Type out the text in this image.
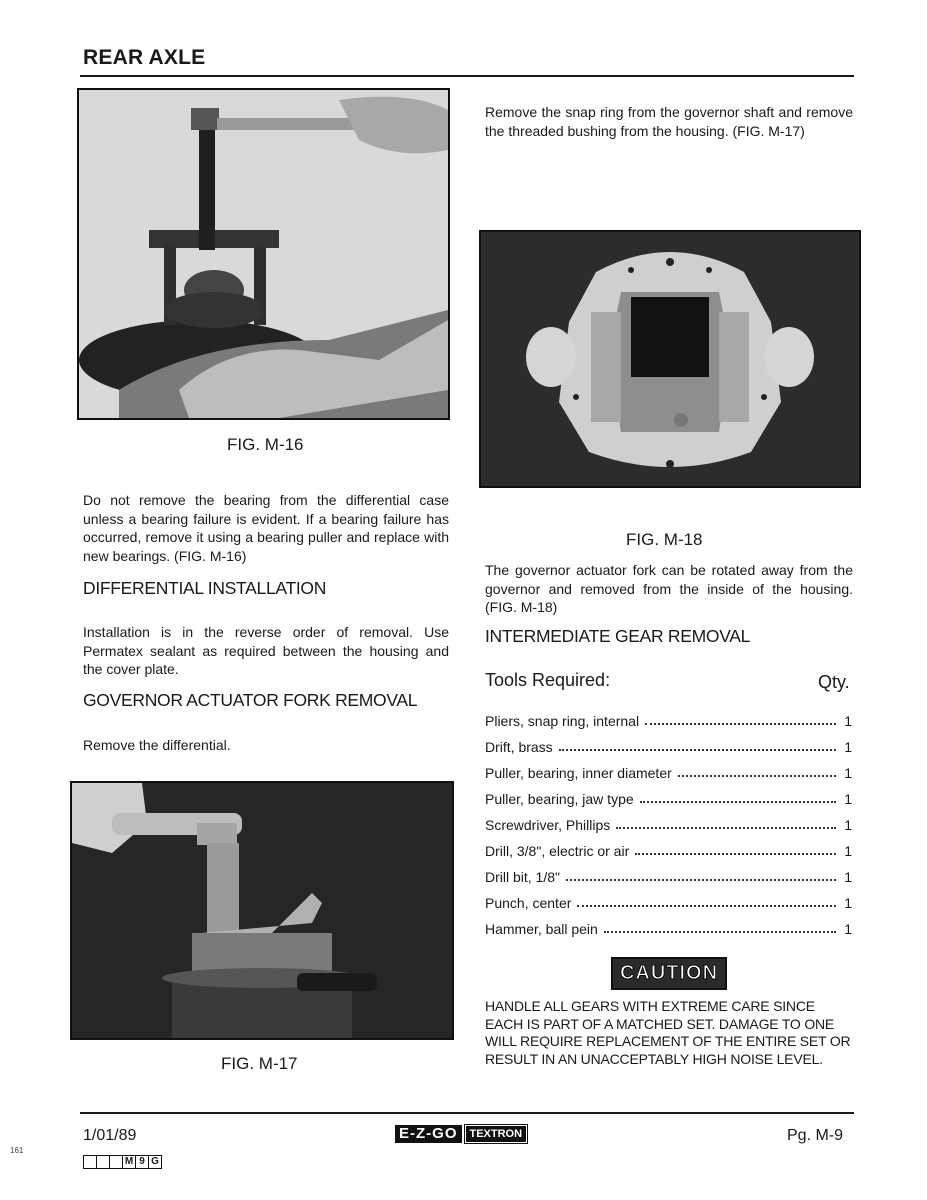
REAR AXLE
FIG. M-16
Do not remove the bearing from the differential case unless a bearing failure is evident. If a bearing failure has occurred, remove it using a bearing puller and replace with new bearings. (FIG. M-16)
DIFFERENTIAL INSTALLATION
Installation is in the reverse order of removal. Use Permatex sealant as required between the housing and the cover plate.
GOVERNOR ACTUATOR FORK REMOVAL
Remove the differential.
FIG. M-17
Remove the snap ring from the governor shaft and remove the threaded bushing from the housing. (FIG. M-17)
FIG. M-18
The governor actuator fork can be rotated away from the governor and removed from the inside of the housing. (FIG. M-18)
INTERMEDIATE GEAR REMOVAL
Tools Required:	Qty.
Pliers, snap ring, internal	1
Drift, brass	1
Puller, bearing, inner diameter	1
Puller, bearing, jaw type	1
Screwdriver, Phillips	1
Drill, 3/8", electric or air	1
Drill bit, 1/8"	1
Punch, center	1
Hammer, ball pein	1
CAUTION
HANDLE ALL GEARS WITH EXTREME CARE SINCE EACH IS PART OF A MATCHED SET. DAMAGE TO ONE WILL REQUIRE REPLACEMENT OF THE ENTIRE SET OR RESULT IN AN UNACCEPTABLY HIGH NOISE LEVEL.
1/01/89	E-Z-GO	TEXTRON	Pg. M-9
M 9 G
161
